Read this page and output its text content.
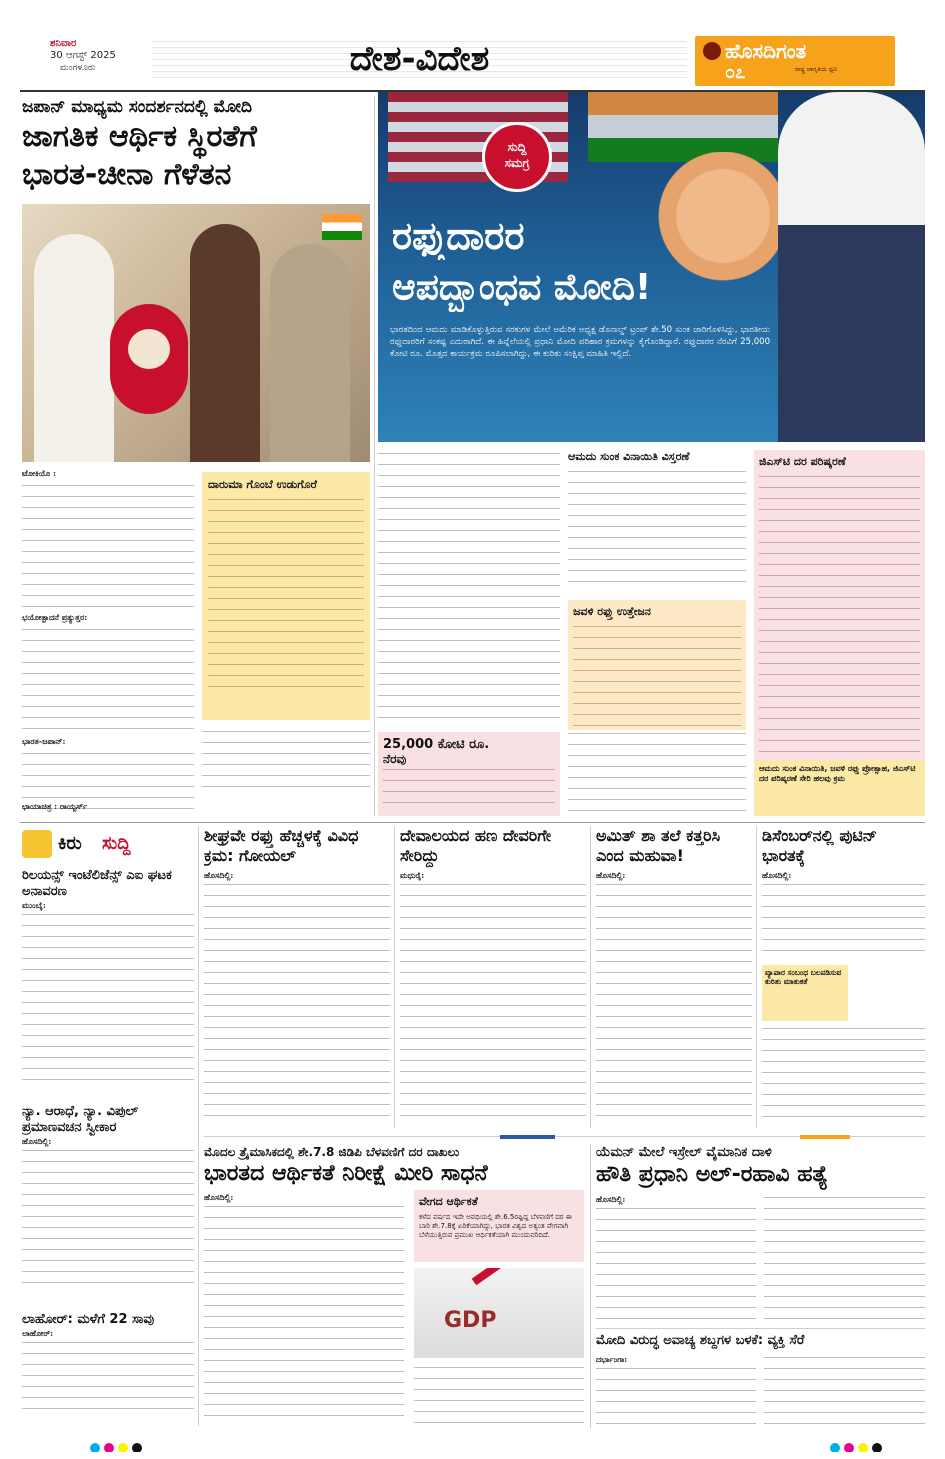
ಶನಿವಾರ
30 ಆಗಸ್ಟ್ 2025
ಮಂಗಳೂರು	ದೇಶ-ವಿದೇಶ	ಹೊಸದಿಗಂತ
ರಾಷ್ಟ್ರ ಜಾಗೃತಿಯ ಧ್ವನಿ
೦೭
ಜಪಾನ್ ಮಾಧ್ಯಮ ಸಂದರ್ಶನದಲ್ಲಿ ಮೋದಿ
ಜಾಗತಿಕ ಆರ್ಥಿಕ ಸ್ಥಿರತೆಗೆ
ಭಾರತ-ಚೀನಾ ಗೆಳೆತನ

ಟೋಕಿಯೊ :

ಭಯೋತ್ಪಾದನೆ ಪ್ರತ್ಯುತ್ತರ:

ಭಾರತ-ಜಪಾನ್:

ದಾರುಮಾ ಗೊಂಬೆ ಉಡುಗೊರೆ
ಛಾಯಾಚಿತ್ರ : ರಾಯ್ಟರ್ಸ್
ಸುದ್ದಿ
ಸಮಗ್ರ
ರಫ್ತುದಾರರ
ಆಪದ್ಬಾಂಧವ ಮೋದಿ!
ಭಾರತದಿಂದ ಆಮದು ಮಾಡಿಕೊಳ್ಳುತ್ತಿರುವ ಸರಕುಗಳ ಮೇಲೆ ಅಮೆರಿಕ ಅಧ್ಯಕ್ಷ ಡೊನಾಲ್ಡ್ ಟ್ರಂಪ್ ಶೇ.50 ಸುಂಕ ಜಾರಿಗೊಳಿಸಿದ್ದು, ಭಾರತೀಯ ರಫ್ತುದಾರರಿಗೆ ಸಂಕಷ್ಟ ಎದುರಾಗಿದೆ. ಈ ಹಿನ್ನೆಲೆಯಲ್ಲಿ ಪ್ರಧಾನಿ ಮೋದಿ ಪರಿಹಾರ ಕ್ರಮಗಳನ್ನು ಕೈಗೊಂಡಿದ್ದಾರೆ. ರಫ್ತುದಾರರ ನೆರವಿಗೆ 25,000 ಕೋಟಿ ರೂ. ಮೊತ್ತದ ಕಾರ್ಯಕ್ರಮ ರೂಪಿಸಲಾಗಿದ್ದು, ಈ ಕುರಿತು ಸಂಕ್ಷಿಪ್ತ ಮಾಹಿತಿ ಇಲ್ಲಿದೆ.
25,000 ಕೋಟಿ ರೂ.
ನೆರವು
ಆಮದು ಸುಂಕ ವಿನಾಯಿತಿ ವಿಸ್ತರಣೆ
ಜವಳಿ ರಫ್ತು ಉತ್ತೇಜನ
ಜಿಎಸ್‌ಟಿ ದರ ಪರಿಷ್ಕರಣೆ
ಆಮದು ಸುಂಕ ವಿನಾಯಿತಿ, ಜವಳಿ ರಫ್ತು ಪ್ರೋತ್ಸಾಹ, ಜಿಎಸ್‌ಟಿ ದರ ಪರಿಷ್ಕರಣೆ ಸೇರಿ ಹಲವು ಕ್ರಮ
ಕಿರು ಸುದ್ದಿ
ರಿಲಯನ್ಸ್ ಇಂಟೆಲಿಜೆನ್ಸ್ ಎಐ ಘಟಕ ಅನಾವರಣ
ಮುಂಬೈ:
ನ್ಯಾ. ಆರಾಧೆ, ನ್ಯಾ. ವಿಪುಲ್ ಪ್ರಮಾಣವಚನ ಸ್ವೀಕಾರ
ಹೊಸದಿಲ್ಲಿ:
ಲಾಹೋರ್: ಮಳೆಗೆ 22 ಸಾವು
ಲಾಹೋರ್:
ಶೀಘ್ರವೇ ರಫ್ತು ಹೆಚ್ಚಳಕ್ಕೆ ವಿವಿಧ ಕ್ರಮ: ಗೋಯಲ್
ಹೊಸದಿಲ್ಲಿ:
ದೇವಾಲಯದ ಹಣ ದೇವರಿಗೇ ಸೇರಿದ್ದು
ಮಧುರೈ:
ಅಮಿತ್ ಶಾ ತಲೆ ಕತ್ತರಿಸಿ ಎಂದ ಮಹುವಾ!
ಹೊಸದಿಲ್ಲಿ:
ಡಿಸೆಂಬರ್‌ನಲ್ಲಿ ಪುಟಿನ್ ಭಾರತಕ್ಕೆ
ಹೊಸದಿಲ್ಲಿ:
ವ್ಯಾಪಾರ ಸಂಬಂಧ ಬಲಪಡಿಸುವ ಕುರಿತು ಮಾತುಕತೆ
ಮೊದಲ ತ್ರೈಮಾಸಿಕದಲ್ಲಿ ಶೇ.7.8 ಜಿಡಿಪಿ ಬೆಳವಣಿಗೆ ದರ ದಾಖಲು
ಭಾರತದ ಆರ್ಥಿಕತೆ ನಿರೀಕ್ಷೆ ಮೀರಿ ಸಾಧನೆ
ಹೊಸದಿಲ್ಲಿ:	ವೇಗದ ಆರ್ಥಿಕತೆ
ಕಳೆದ ವರ್ಷದ ಇದೇ ಅವಧಿಯಲ್ಲಿ ಶೇ.6.5ರಷ್ಟಿದ್ದ ಬೆಳವಣಿಗೆ ದರ ಈ ಬಾರಿ ಶೇ.7.8ಕ್ಕೆ ಏರಿಕೆಯಾಗಿದ್ದು, ಭಾರತ ವಿಶ್ವದ ಅತ್ಯಂತ ವೇಗವಾಗಿ ಬೆಳೆಯುತ್ತಿರುವ ಪ್ರಮುಖ ಆರ್ಥಿಕತೆಯಾಗಿ ಮುಂದುವರಿದಿದೆ.
GDP
ಯೆಮನ್ ಮೇಲೆ ಇಸ್ರೇಲ್ ವೈಮಾನಿಕ ದಾಳಿ
ಹೌತಿ ಪ್ರಧಾನಿ ಅಲ್-ರಹಾವಿ ಹತ್ಯೆ
ಹೊಸದಿಲ್ಲಿ:
ಮೋದಿ ವಿರುದ್ಧ ಅವಾಚ್ಯ ಶಬ್ದಗಳ ಬಳಕೆ: ವ್ಯಕ್ತಿ ಸೆರೆ
ದರ್ಭಾಂಗಾ:
